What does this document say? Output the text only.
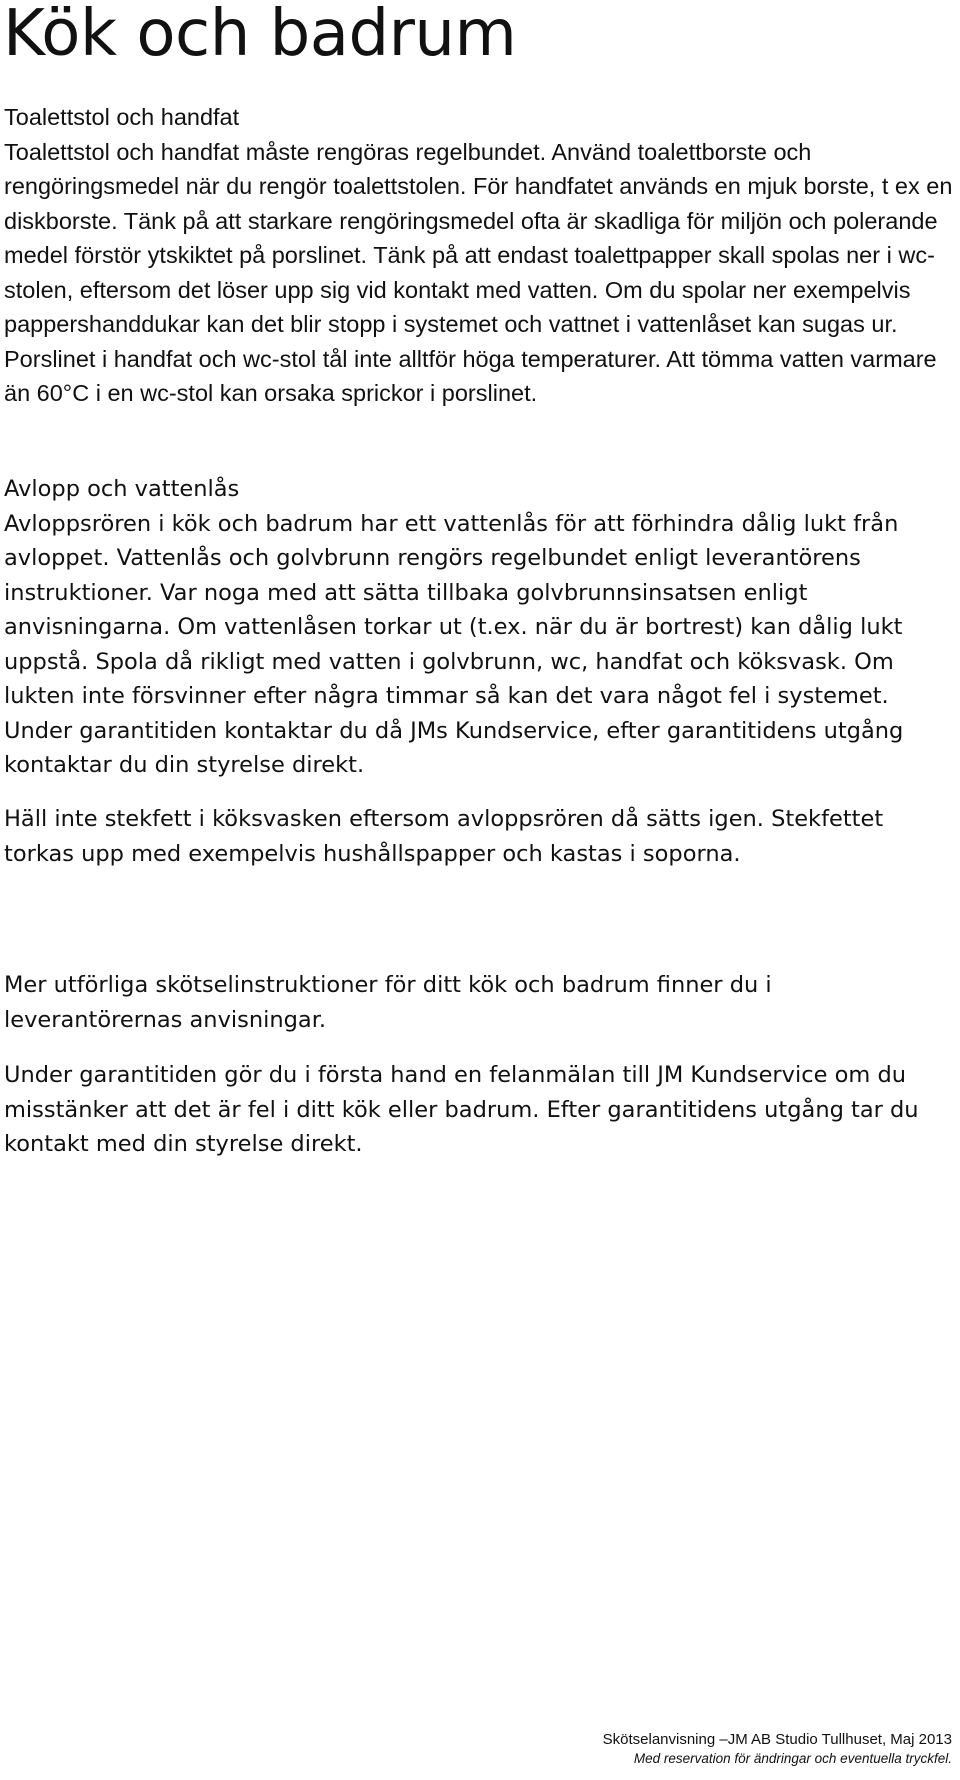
Kök och badrum

Toalettstol och handfat

Toalettstol och handfat måste rengöras regelbundet. Använd toalettborste och rengöringsmedel när du rengör toalettstolen. För handfatet används en mjuk borste, t ex en diskborste. Tänk på att starkare rengöringsmedel ofta är skadliga för miljön och polerande medel förstör ytskiktet på porslinet. Tänk på att endast toalettpapper skall spolas ner i wc-stolen, eftersom det löser upp sig vid kontakt med vatten. Om du spolar ner exempelvis pappershanddukar kan det blir stopp i systemet och vattnet i vattenlåset kan sugas ur. Porslinet i handfat och wc-stol tål inte alltför höga temperaturer. Att tömma vatten varmare än 60°C i en wc-stol kan orsaka sprickor i porslinet.

Avlopp och vattenlås

Avloppsrören i kök och badrum har ett vattenlås för att förhindra dålig lukt från avloppet. Vattenlås och golvbrunn rengörs regelbundet enligt leverantörens instruktioner. Var noga med att sätta tillbaka golvbrunnsinsatsen enligt anvisningarna. Om vattenlåsen torkar ut (t.ex. när du är bortrest) kan dålig lukt uppstå. Spola då rikligt med vatten i golvbrunn, wc, handfat och köksvask. Om lukten inte försvinner efter några timmar så kan det vara något fel i systemet. Under garantitiden kontaktar du då JMs Kundservice, efter garantitidens utgång kontaktar du din styrelse direkt.

Häll inte stekfett i köksvasken eftersom avloppsrören då sätts igen. Stekfettet torkas upp med exempelvis hushållspapper och kastas i soporna.

Mer utförliga skötselinstruktioner för ditt kök och badrum finner du i leverantörernas anvisningar.

Under garantitiden gör du i första hand en felanmälan till JM Kundservice om du misstänker att det är fel i ditt kök eller badrum. Efter garantitidens utgång tar du kontakt med din styrelse direkt.

Skötselanvisning –JM AB Studio Tullhuset, Maj 2013
Med reservation för ändringar och eventuella tryckfel.
